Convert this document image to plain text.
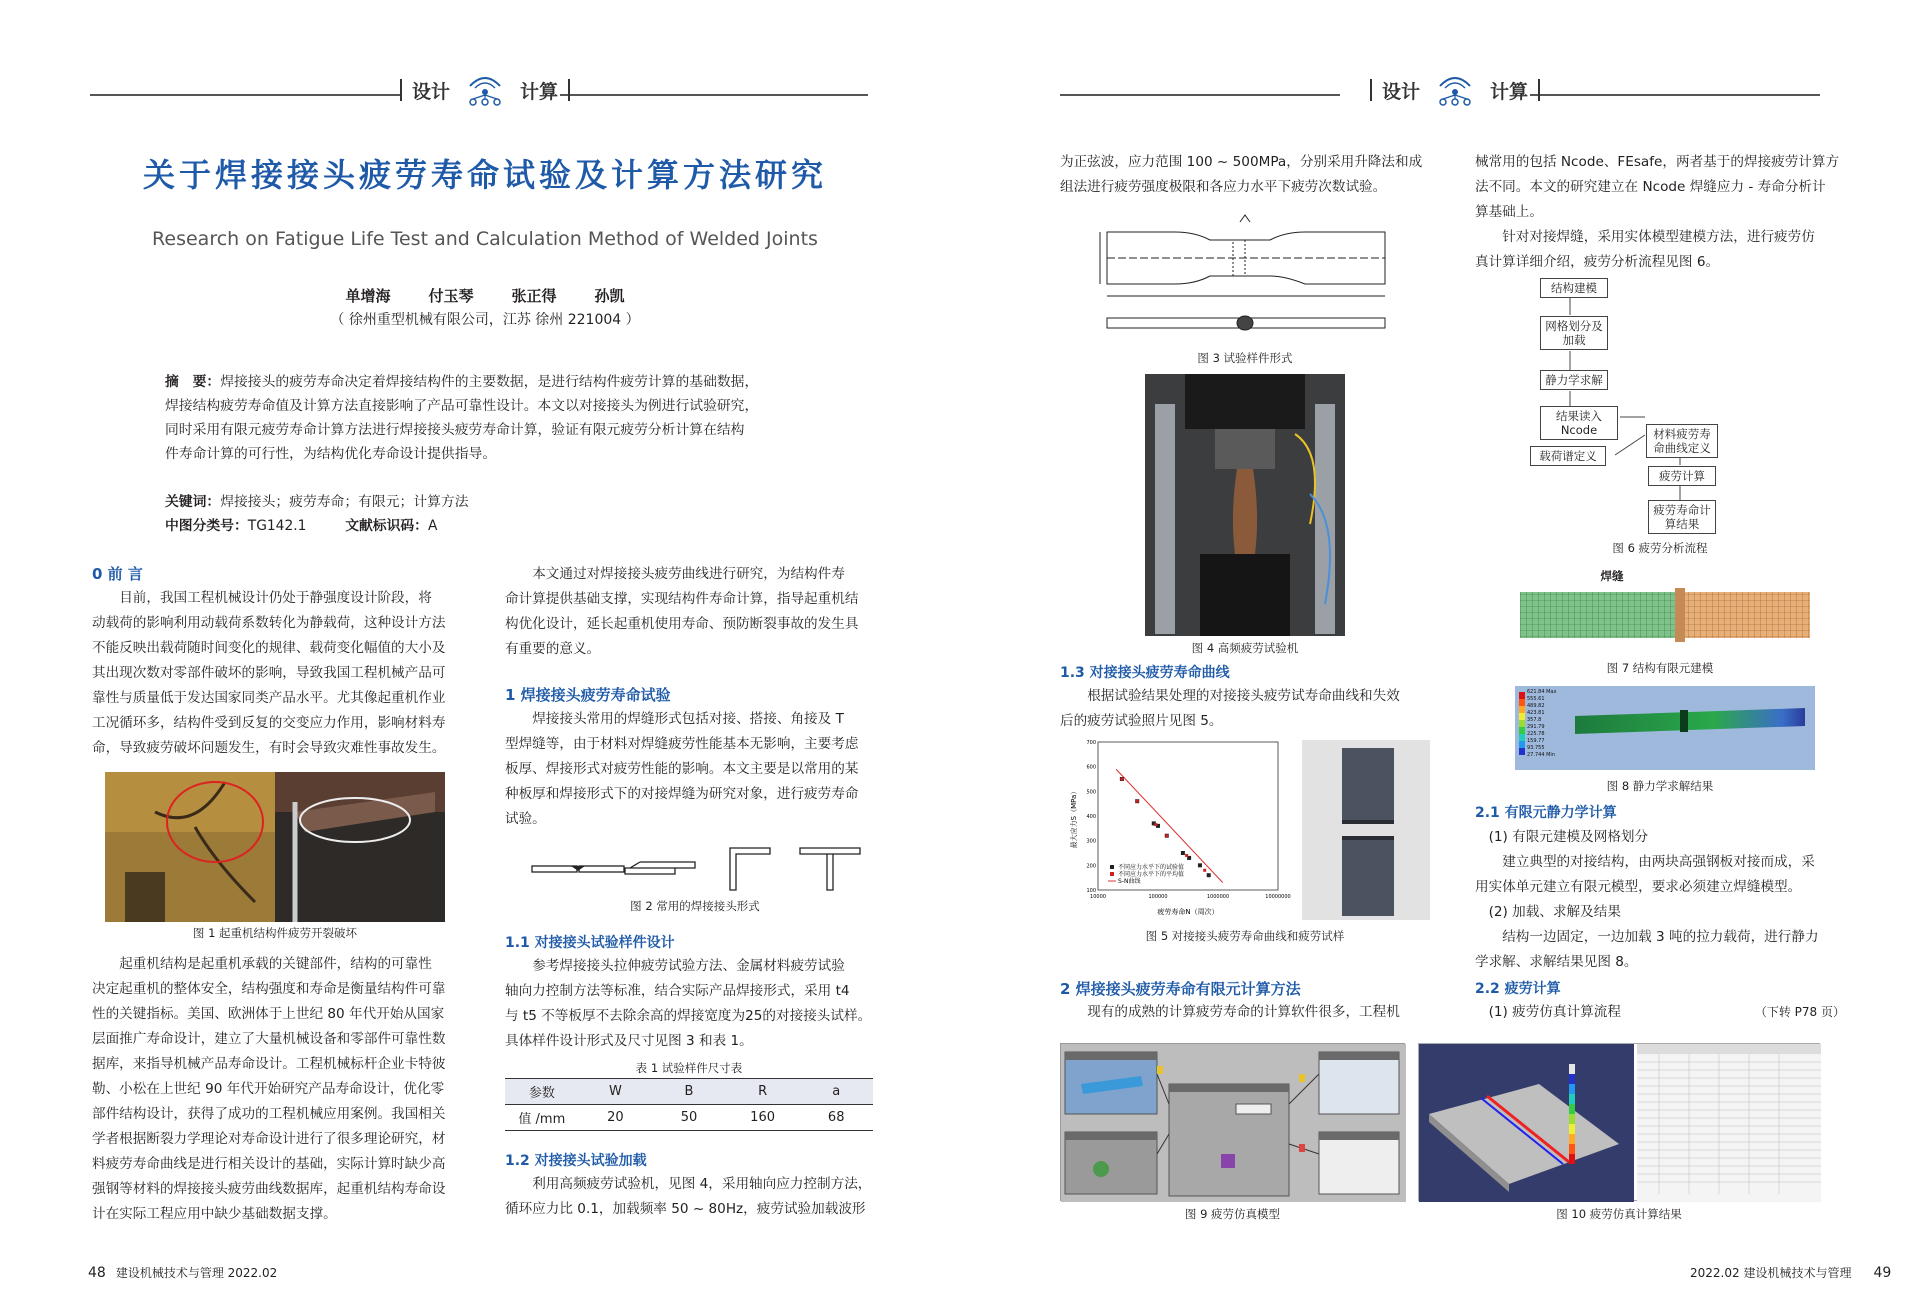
设计	计算
关于焊接接头疲劳寿命试验及计算方法研究
Research on Fatigue Life Test and Calculation Method of Welded Joints
单增海	付玉琴	张正得	孙凯
（ 徐州重型机械有限公司，江苏 徐州 221004 ）
摘　要：焊接接头的疲劳寿命决定着焊接结构件的主要数据，是进行结构件疲劳计算的基础数据，
焊接结构疲劳寿命值及计算方法直接影响了产品可靠性设计。本文以对接接头为例进行试验研究，
同时采用有限元疲劳寿命计算方法进行焊接接头疲劳寿命计算，验证有限元疲劳分析计算在结构
件寿命计算的可行性，为结构优化寿命设计提供指导。
关键词：焊接接头；疲劳寿命；有限元；计算方法
中图分类号：TG142.1	文献标识码：A
0 前 言
目前，我国工程机械设计仍处于静强度设计阶段，将
动载荷的影响利用动载荷系数转化为静载荷，这种设计方法
不能反映出载荷随时间变化的规律、载荷变化幅值的大小及
其出现次数对零部件破坏的影响，导致我国工程机械产品可
靠性与质量低于发达国家同类产品水平。尤其像起重机作业
工况循环多，结构件受到反复的交变应力作用，影响材料寿
命，导致疲劳破坏问题发生，有时会导致灾难性事故发生。
图 1 起重机结构件疲劳开裂破坏
起重机结构是起重机承载的关键部件，结构的可靠性
决定起重机的整体安全，结构强度和寿命是衡量结构件可靠
性的关键指标。美国、欧洲体于上世纪 80 年代开始从国家
层面推广寿命设计，建立了大量机械设备和零部件可靠性数
据库，来指导机械产品寿命设计。工程机械标杆企业卡特彼
勒、小松在上世纪 90 年代开始研究产品寿命设计，优化零
部件结构设计，获得了成功的工程机械应用案例。我国相关
学者根据断裂力学理论对寿命设计进行了很多理论研究，材
料疲劳寿命曲线是进行相关设计的基础，实际计算时缺少高
强钢等材料的焊接接头疲劳曲线数据库，起重机结构寿命设
计在实际工程应用中缺少基础数据支撑。
本文通过对焊接接头疲劳曲线进行研究，为结构件寿
命计算提供基础支撑，实现结构件寿命计算，指导起重机结
构优化设计，延长起重机使用寿命、预防断裂事故的发生具
有重要的意义。
1 焊接接头疲劳寿命试验
焊接接头常用的焊缝形式包括对接、搭接、角接及 T
型焊缝等，由于材料对焊缝疲劳性能基本无影响，主要考虑
板厚、焊接形式对疲劳性能的影响。本文主要是以常用的某
种板厚和焊接形式下的对接焊缝为研究对象，进行疲劳寿命
试验。
图 2 常用的焊接接头形式
1.1 对接接头试验样件设计
参考焊接接头拉伸疲劳试验方法、金属材料疲劳试验
轴向力控制方法等标准，结合实际产品焊接形式，采用 t4
与 t5 不等板厚不去除余高的焊接宽度为25的对接接头试样。
具体样件设计形式及尺寸见图 3 和表 1。
表 1 试验样件尺寸表
参数	W	B	R	a
值 /mm	20	50	160	68
1.2 对接接头试验加载
利用高频疲劳试验机，见图 4，采用轴向应力控制方法，
循环应力比 0.1，加载频率 50 ~ 80Hz，疲劳试验加载波形
48 建设机械技术与管理 2022.02
设计	计算
为正弦波，应力范围 100 ~ 500MPa，分别采用升降法和成
组法进行疲劳强度极限和各应力水平下疲劳次数试验。
图 3 试验样件形式
图 4 高频疲劳试验机
1.3 对接接头疲劳寿命曲线
根据试验结果处理的对接接头疲劳试寿命曲线和失效
后的疲劳试验照片见图 5。
100
200
300
400
500
600
700
10000	100000	1000000	10000000
疲劳寿命N（周次）
最大应力S（MPa）
不同应力水平下的试验值
不同应力水平下的平均值
S-N曲线
图 5 对接接头疲劳寿命曲线和疲劳试样
2 焊接接头疲劳寿命有限元计算方法
现有的成熟的计算疲劳寿命的计算软件很多，工程机
械常用的包括 Ncode、FEsafe，两者基于的焊接疲劳计算方
法不同。本文的研究建立在 Ncode 焊缝应力 - 寿命分析计
算基础上。
针对对接焊缝，采用实体模型建模方法，进行疲劳仿
真计算详细介绍，疲劳分析流程见图 6。
结构建模
网格划分及加载
静力学求解
结果读入 Ncode
载荷谱定义
材料疲劳寿命曲线定义
疲劳计算
疲劳寿命计算结果
图 6 疲劳分析流程
焊缝
图 7 结构有限元建模
621.84 Max
555.61
489.82
423.81
357.8
291.79
225.78
159.77
93.755
27.744 Min
图 8 静力学求解结果
2.1 有限元静力学计算
(1) 有限元建模及网格划分
建立典型的对接结构，由两块高强钢板对接而成，采
用实体单元建立有限元模型，要求必须建立焊缝模型。
(2) 加载、求解及结果
结构一边固定，一边加载 3 吨的拉力载荷，进行静力
学求解、求解结果见图 8。
2.2 疲劳计算
(1) 疲劳仿真计算流程	（下转 P78 页）
图 9 疲劳仿真模型	图 10 疲劳仿真计算结果
2022.02 建设机械技术与管理 49
